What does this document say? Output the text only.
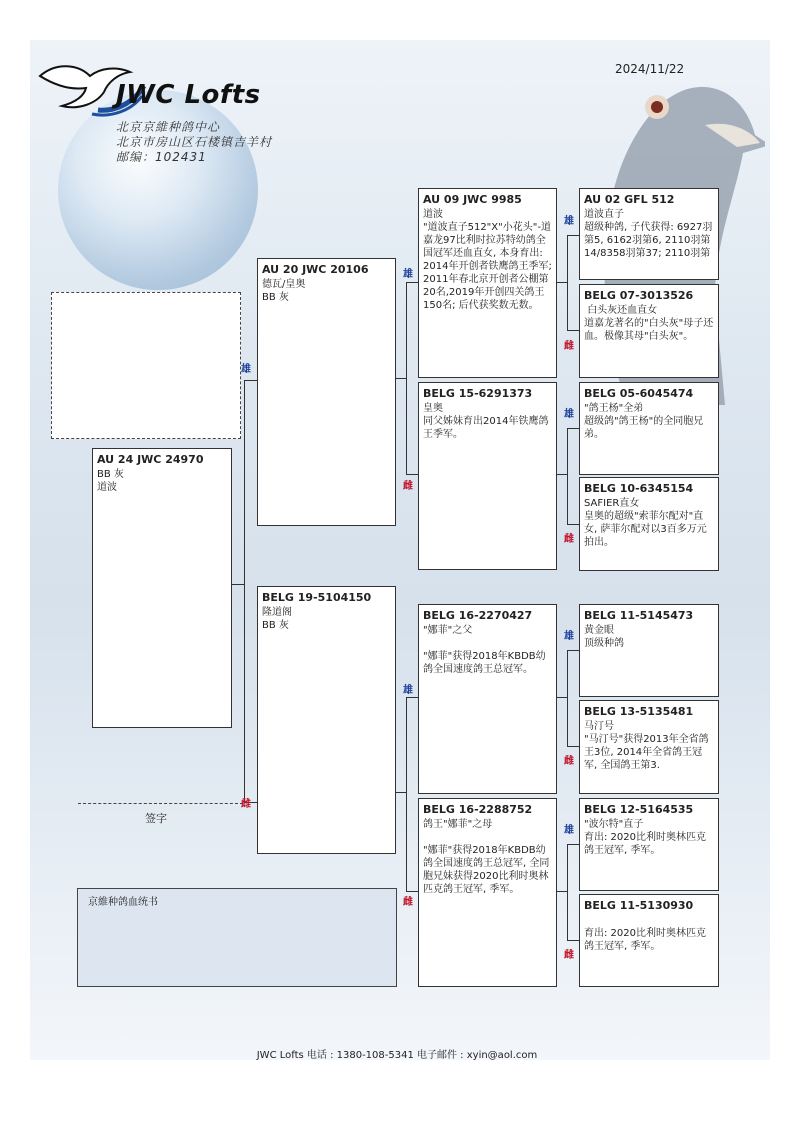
2024/11/22
JWC Lofts
北京京維种鸽中心
北京市房山区石楼镇吉羊村
邮编：102431
雄
雌
雄
雌
雄
雌
雄
雌
雄
雌
雄
雌
雄
雌
AU 24 JWC 24970
BB 灰
道波
AU 20 JWC 20106
德瓦/皇奥
BB 灰
BELG 19-5104150
隆道阁
BB 灰
AU 09 JWC 9985
道波
"道波直子512"X"小花头"-道嘉龙97比利时拉苏特幼鸽全国冠军还血直女, 本身育出:
2014年开创者铁鹰鸽王季军; 2011年春北京开创者公棚第20名,2019年开创四关鸽王150名; 后代获奖数无数。
BELG 15-6291373
皇奥
同父姊妹育出2014年铁鹰鸽王季军。
BELG 16-2270427
"娜菲"之父

"娜菲"获得2018年KBDB幼鸽全国速度鸽王总冠军。
BELG 16-2288752
鸽王"娜菲"之母

"娜菲"获得2018年KBDB幼鸽全国速度鸽王总冠军, 全同胞兄妹获得2020比利时奥林匹克鸽王冠军, 季军。
AU 02 GFL 512
道波直子
超级种鸽, 子代获得: 6927羽第5, 6162羽第6, 2110羽第14/8358羽第37; 2110羽第
BELG 07-3013526
白头灰还血直女
道嘉龙著名的"白头灰"母子还血。极像其母"白头灰"。
BELG 05-6045474
"鸽王杨"全弟
超级鸽"鸽王杨"的全同胞兄弟。
BELG 10-6345154
SAFIER直女
皇奥的超级"索菲尔配对"直女, 萨菲尔配对以3百多万元拍出。
BELG 11-5145473
黄金眼
顶级种鸽
BELG 13-5135481
马汀号
"马汀号"获得2013年全省鸽王3位, 2014年全省鸽王冠军, 全国鸽王第3.
BELG 12-5164535
"波尔特"直子
育出: 2020比利时奥林匹克鸽王冠军, 季军。
BELG 11-5130930

育出: 2020比利时奥林匹克鸽王冠军, 季军。
签字
京維种鸽血统书
JWC Lofts 电话 : 1380-108-5341 电子邮件 : xyin@aol.com
